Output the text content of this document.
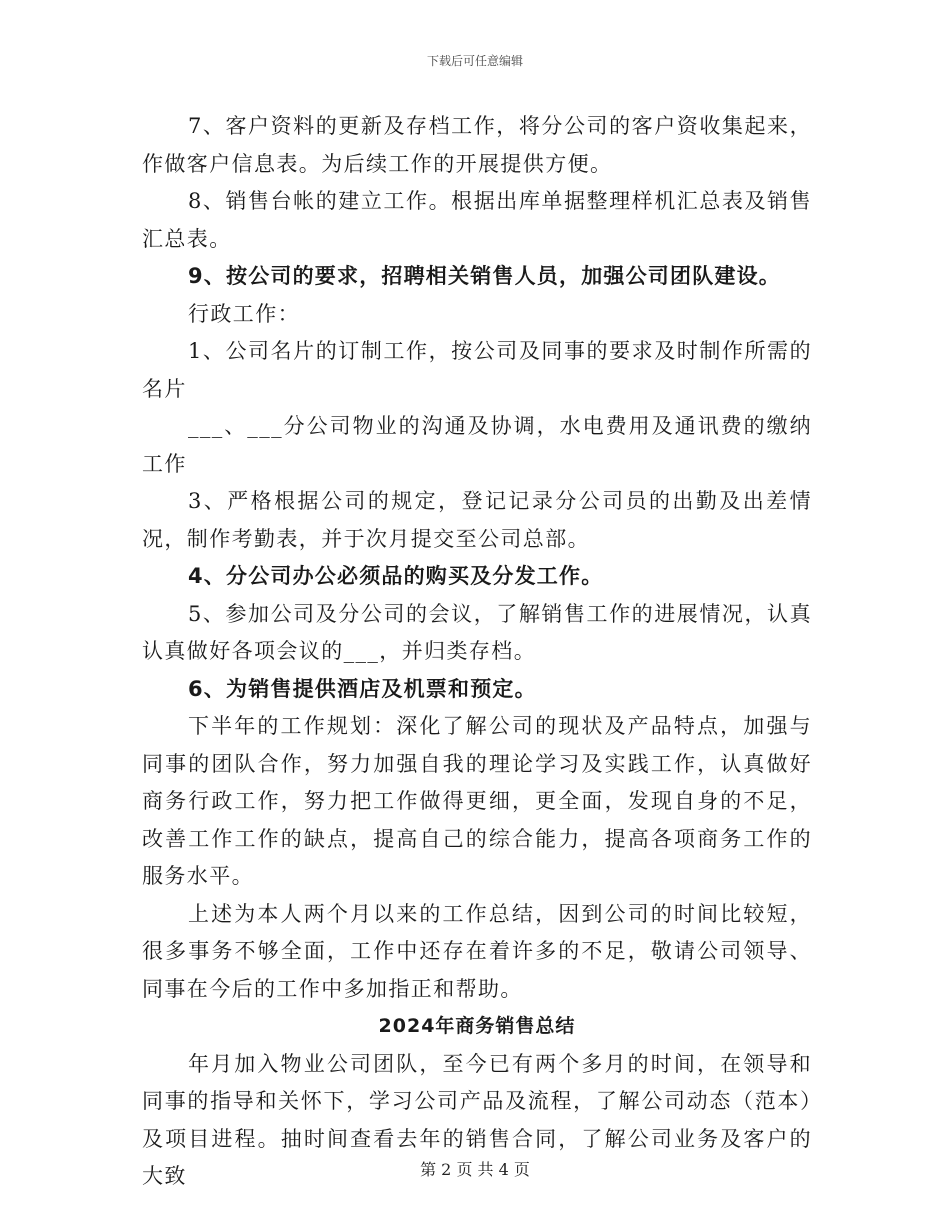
下载后可任意编辑

7、客户资料的更新及存档工作，将分公司的客户资收集起来，作做客户信息表。为后续工作的开展提供方便。

8、销售台帐的建立工作。根据出库单据整理样机汇总表及销售汇总表。

9、按公司的要求，招聘相关销售人员，加强公司团队建设。

行政工作：

1、公司名片的订制工作，按公司及同事的要求及时制作所需的名片

___、___分公司物业的沟通及协调，水电费用及通讯费的缴纳工作

3、严格根据公司的规定，登记记录分公司员的出勤及出差情况，制作考勤表，并于次月提交至公司总部。

4、分公司办公必须品的购买及分发工作。

5、参加公司及分公司的会议，了解销售工作的进展情况，认真认真做好各项会议的___，并归类存档。

6、为销售提供酒店及机票和预定。

下半年的工作规划：深化了解公司的现状及产品特点，加强与同事的团队合作，努力加强自我的理论学习及实践工作，认真做好商务行政工作，努力把工作做得更细，更全面，发现自身的不足，改善工作工作的缺点，提高自己的综合能力，提高各项商务工作的服务水平。

上述为本人两个月以来的工作总结，因到公司的时间比较短，很多事务不够全面，工作中还存在着许多的不足，敬请公司领导、同事在今后的工作中多加指正和帮助。

2024年商务销售总结

年月加入物业公司团队，至今已有两个多月的时间，在领导和同事的指导和关怀下，学习公司产品及流程，了解公司动态（范本）及项目进程。抽时间查看去年的销售合同，了解公司业务及客户的大致	第 2 页 共 4 页
